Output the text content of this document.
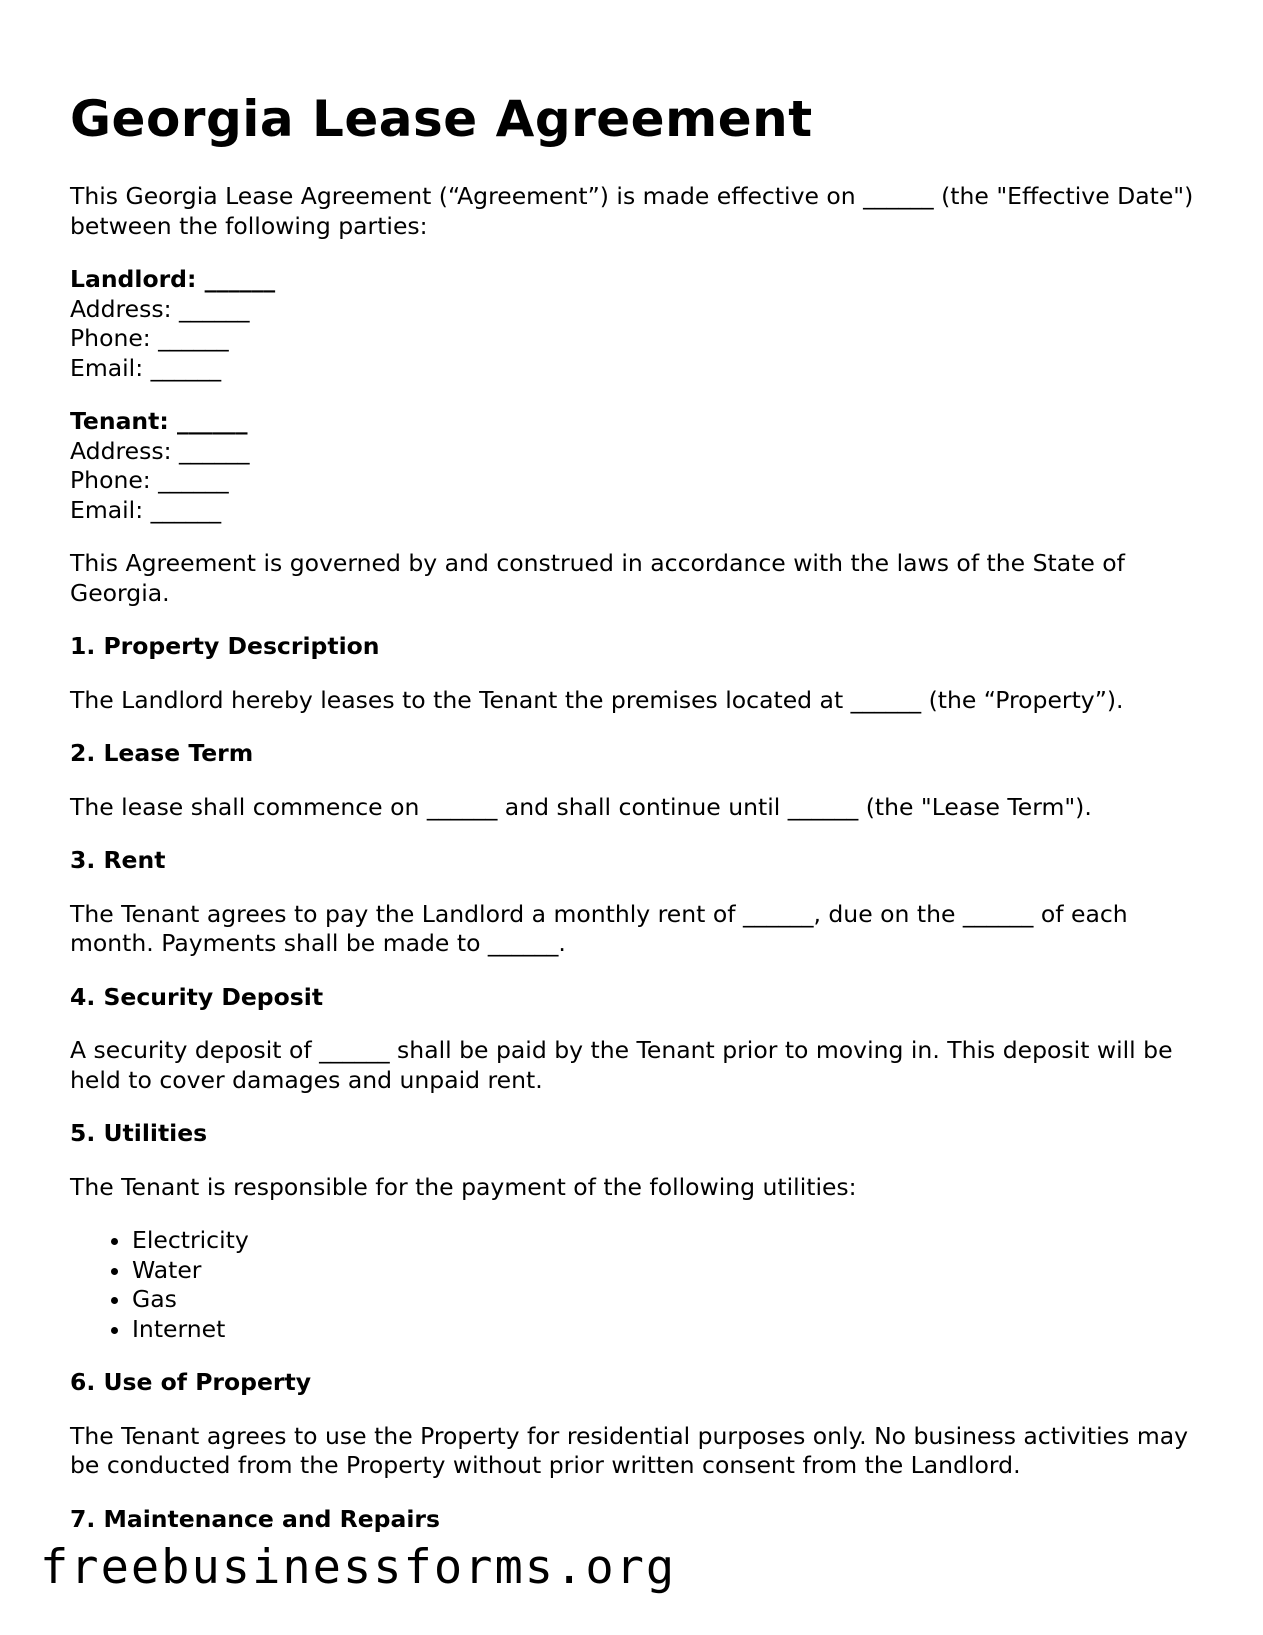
Georgia Lease Agreement

This Georgia Lease Agreement (“Agreement”) is made effective on ______ (the "Effective Date") between the following parties:

Landlord: ______
Address: ______
Phone: ______
Email: ______
Tenant: ______
Address: ______
Phone: ______
Email: ______

This Agreement is governed by and construed in accordance with the laws of the State of Georgia.

1. Property Description

The Landlord hereby leases to the Tenant the premises located at ______ (the “Property”).

2. Lease Term

The lease shall commence on ______ and shall continue until ______ (the "Lease Term").

3. Rent

The Tenant agrees to pay the Landlord a monthly rent of ______, due on the ______ of each month. Payments shall be made to ______.

4. Security Deposit

A security deposit of ______ shall be paid by the Tenant prior to moving in. This deposit will be held to cover damages and unpaid rent.

5. Utilities

The Tenant is responsible for the payment of the following utilities:

• Electricity
• Water
• Gas
• Internet
6. Use of Property

The Tenant agrees to use the Property for residential purposes only. No business activities may be conducted from the Property without prior written consent from the Landlord.

7. Maintenance and Repairs
freebusinessforms.org
